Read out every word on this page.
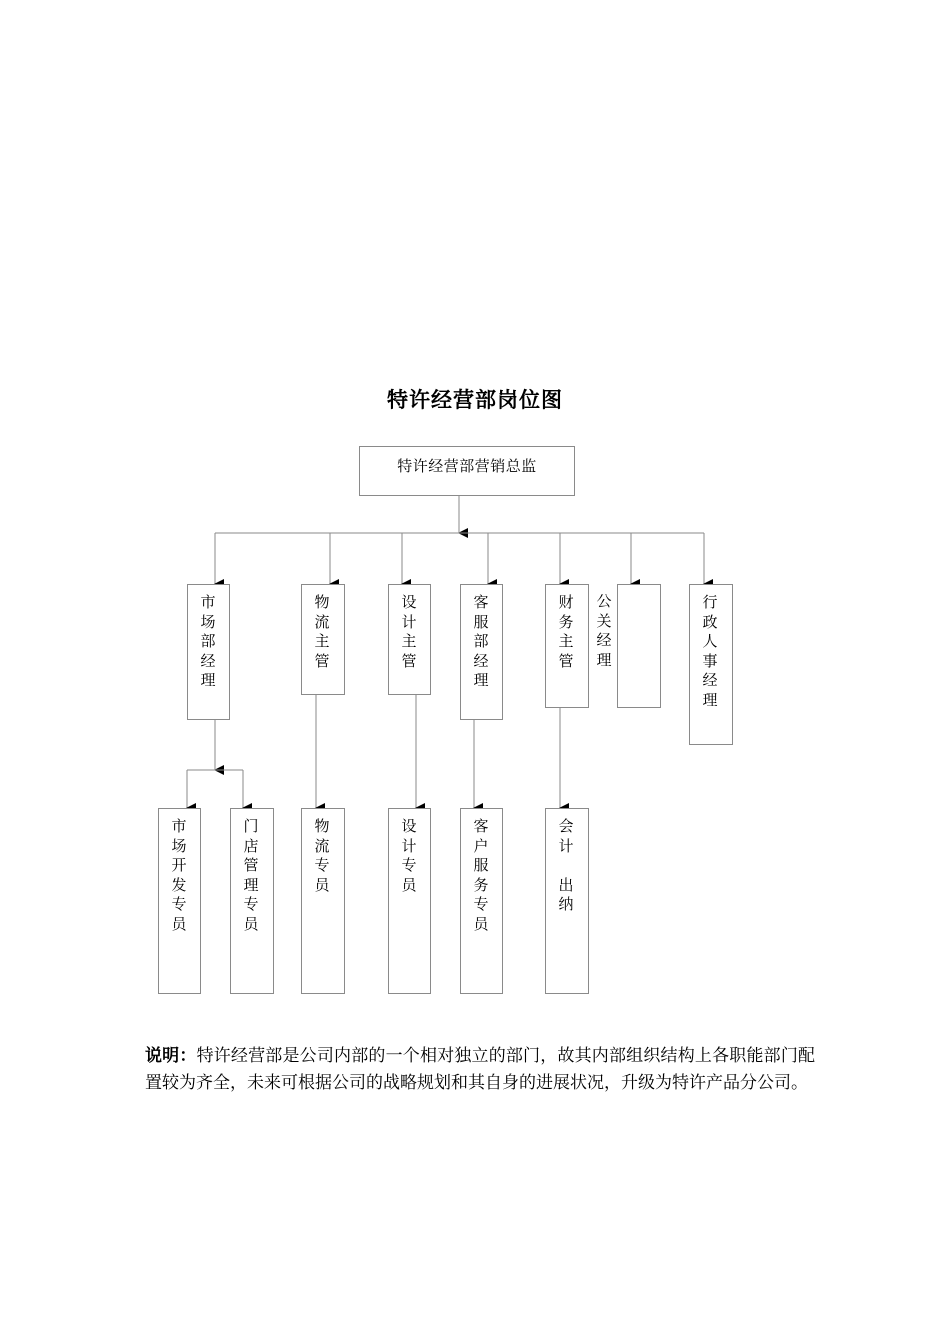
特许经营部岗位图
特许经营部营销总监
市场部经理
物流主管
设计主管
客服部经理
财务主管
公关经理
行政人事经理
市场开发专员
门店管理专员
物流专员
设计专员
客户服务专员
会计

出纳
说明：特许经营部是公司内部的一个相对独立的部门，故其内部组织结构上各职能部门配置较为齐全，未来可根据公司的战略规划和其自身的进展状况，升级为特许产品分公司。
